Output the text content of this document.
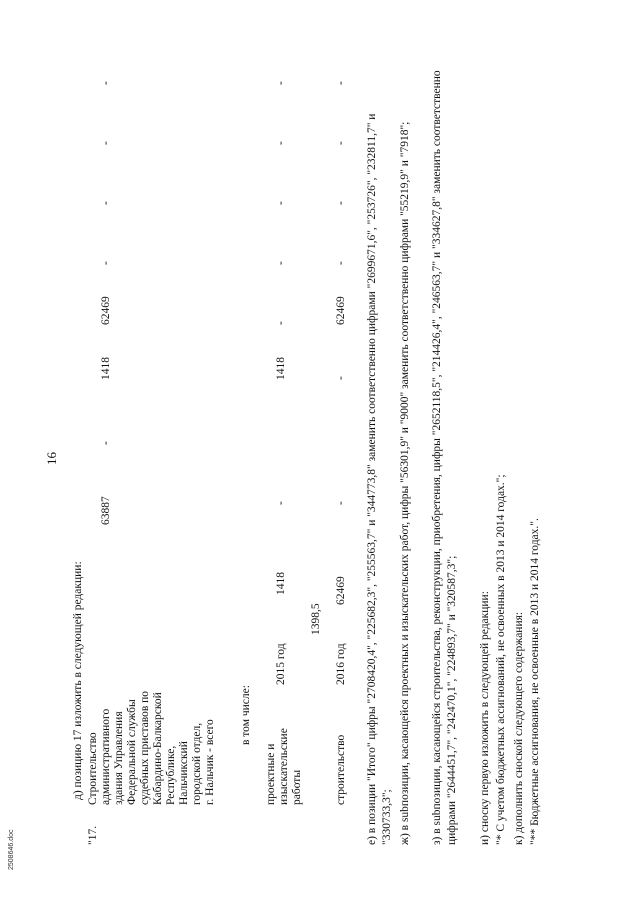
16
д) позицию 17 изложить в следующей редакции:
"17.
Строительство административного здания Управления Федеральной службы судебных приставов по Кабардино-Балкарской Республике, Нальчикский городской отдел, г. Нальчик - всего
63887
-
1418
62469
-
-
-
-
в том числе:
проектные и изыскательские работы
2015 год
1418
-
1418
-
-
-
-
-
строительство
2016 год
1398,5
62469
-
-
62469
-
-
-
-
е) в позиции "Итого" цифры "2708420,4", "225682,3", "255563,7" и "344773,8" заменить соответственно цифрами "2699671,6", "253726", "232811,7" и "330733,3"; ж) в subпозиции, касающейся проектных и изыскательских работ, цифры "56301,9" и "9000" заменить соответственно цифрами "55219,9" и "7918"; з) в subпозиции, касающейся строительства, реконструкции, приобретения, цифры "2652118,5", "214426,4", "246563,7" и "334627,8" заменить соответственно цифрами "2644451,7", "242470,1", "224893,7" и "320587,3"; и) сноску первую изложить в следующей редакции: "* С учетом бюджетных ассигнований, не освоенных в 2013 и 2014 годах."; к) дополнить сноской следующего содержания: "** Бюджетные ассигнования, не освоенные в 2013 и 2014 годах.".
2508646.doc
